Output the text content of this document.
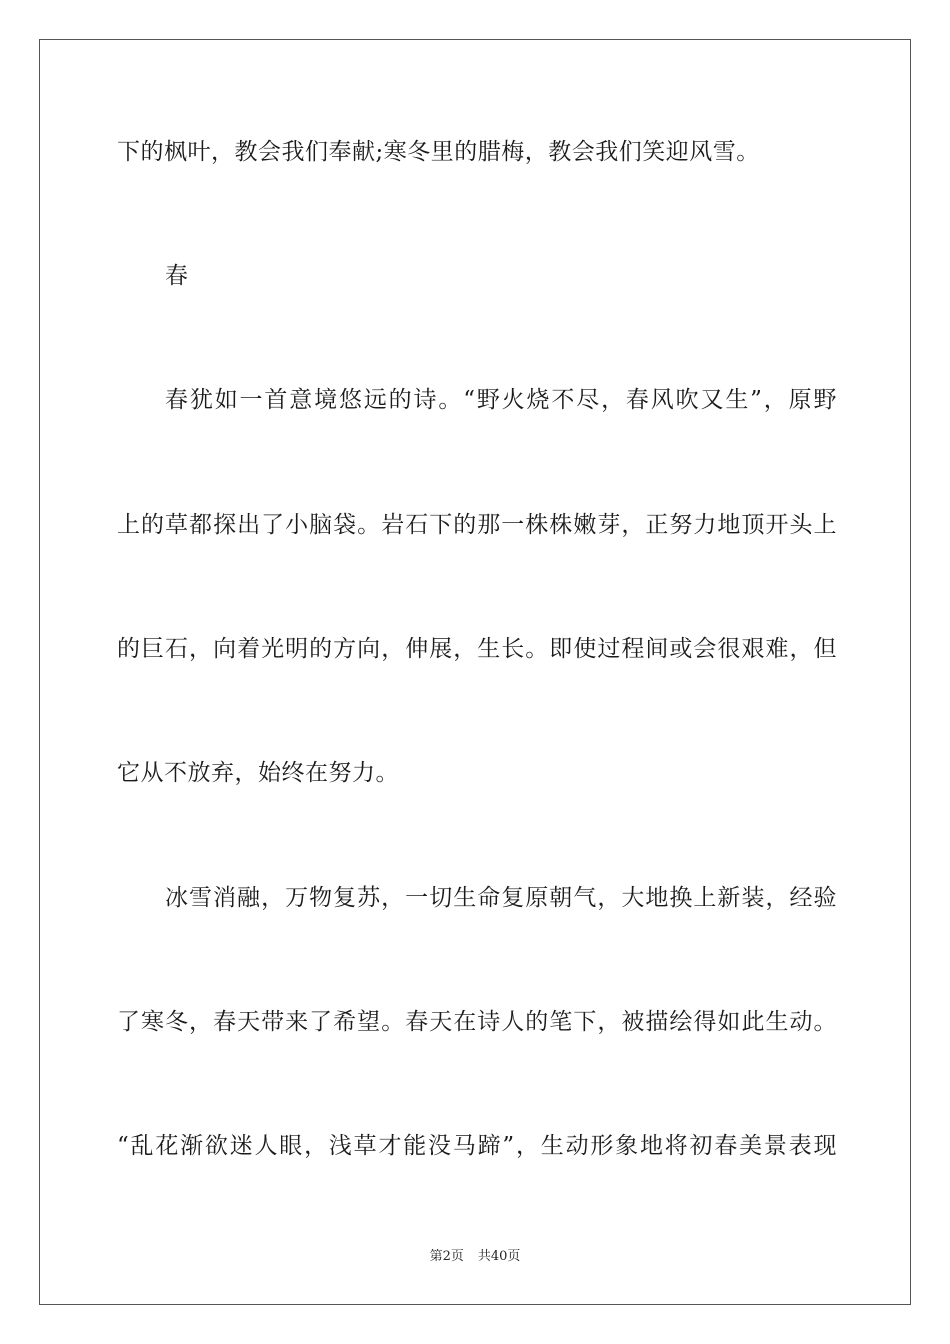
下的枫叶，教会我们奉献;寒冬里的腊梅，教会我们笑迎风雪。
春
春犹如一首意境悠远的诗。“野火烧不尽，春风吹又生”，原野
上的草都探出了小脑袋。岩石下的那一株株嫩芽，正努力地顶开头上
的巨石，向着光明的方向，伸展，生长。即使过程间或会很艰难，但
它从不放弃，始终在努力。
冰雪消融，万物复苏，一切生命复原朝气，大地换上新装，经验
了寒冬，春天带来了希望。春天在诗人的笔下，被描绘得如此生动。
“乱花渐欲迷人眼，浅草才能没马蹄”，生动形象地将初春美景表现
第2页 共40页
